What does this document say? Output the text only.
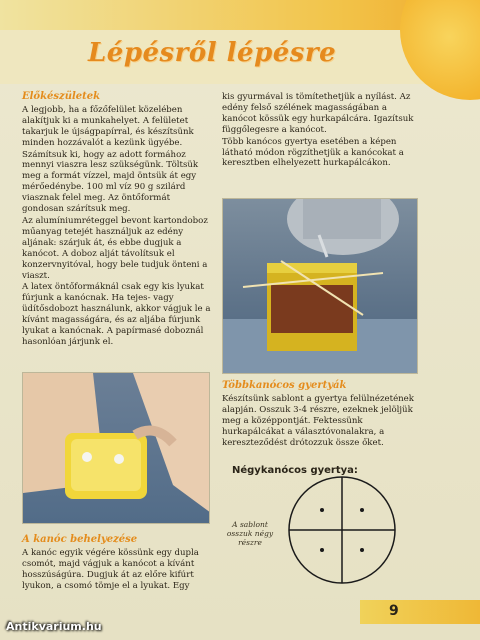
Lépésről lépésre
Előkészületek

A legjobb, ha a főzőfelület közelében alakítjuk ki a munkahelyet. A felületet takarjuk le újságpapírral, és készítsünk minden hozzávalót a kezünk ügyébe.

Számítsuk ki, hogy az adott formához mennyi viaszra lesz szükségünk. Töltsük meg a formát vízzel, majd öntsük át egy mérőedénybe. 100 ml víz 90 g szilárd viasznak felel meg. Az öntőformát gondosan szárítsuk meg.

Az alumíniumréteggel bevont kartondoboz műanyag tetejét használjuk az edény aljának: szárjuk át, és ebbe dugjuk a kanócot. A doboz alját távolítsuk el konzervnyitóval, hogy bele tudjuk önteni a viaszt.

A latex öntőformáknál csak egy kis lyukat fúrjunk a kanócnak. Ha tejes- vagy üdítősdobozt használunk, akkor vágjuk le a kívánt magasságára, és az aljába fúrjunk lyukat a kanócnak. A papírmasé doboznál hasonlóan járjunk el.

kis gyurmával is tömítethetjük a nyílást. Az edény felső szélének magasságában a kanócot kössük egy hurkapálcára. Igazítsuk függőlegesre a kanócot.

Több kanócos gyertya esetében a képen látható módon rögzíthetjük a kanócokat a keresztben elhelyezett hurkapálcákon.

A kanóc behelyezése
A kanóc egyik végére kössünk egy dupla csomót, majd vágjuk a kanócot a kívánt hosszúságúra. Dugjuk át az előre kifúrt lyukon, a csomó tömje el a lyukat. Egy
Többkanócos gyertyák
Készítsünk sablont a gyertya felülnézetének alapján. Osszuk 3-4 részre, ezeknek jelöljük meg a középpontját. Fektessünk hurkapálcákat a választóvonalakra, a kereszteződést drótozzuk össze őket.
Négykanócos gyertya:
A sablont osszuk négy részre
9
Antikvarium.hu
